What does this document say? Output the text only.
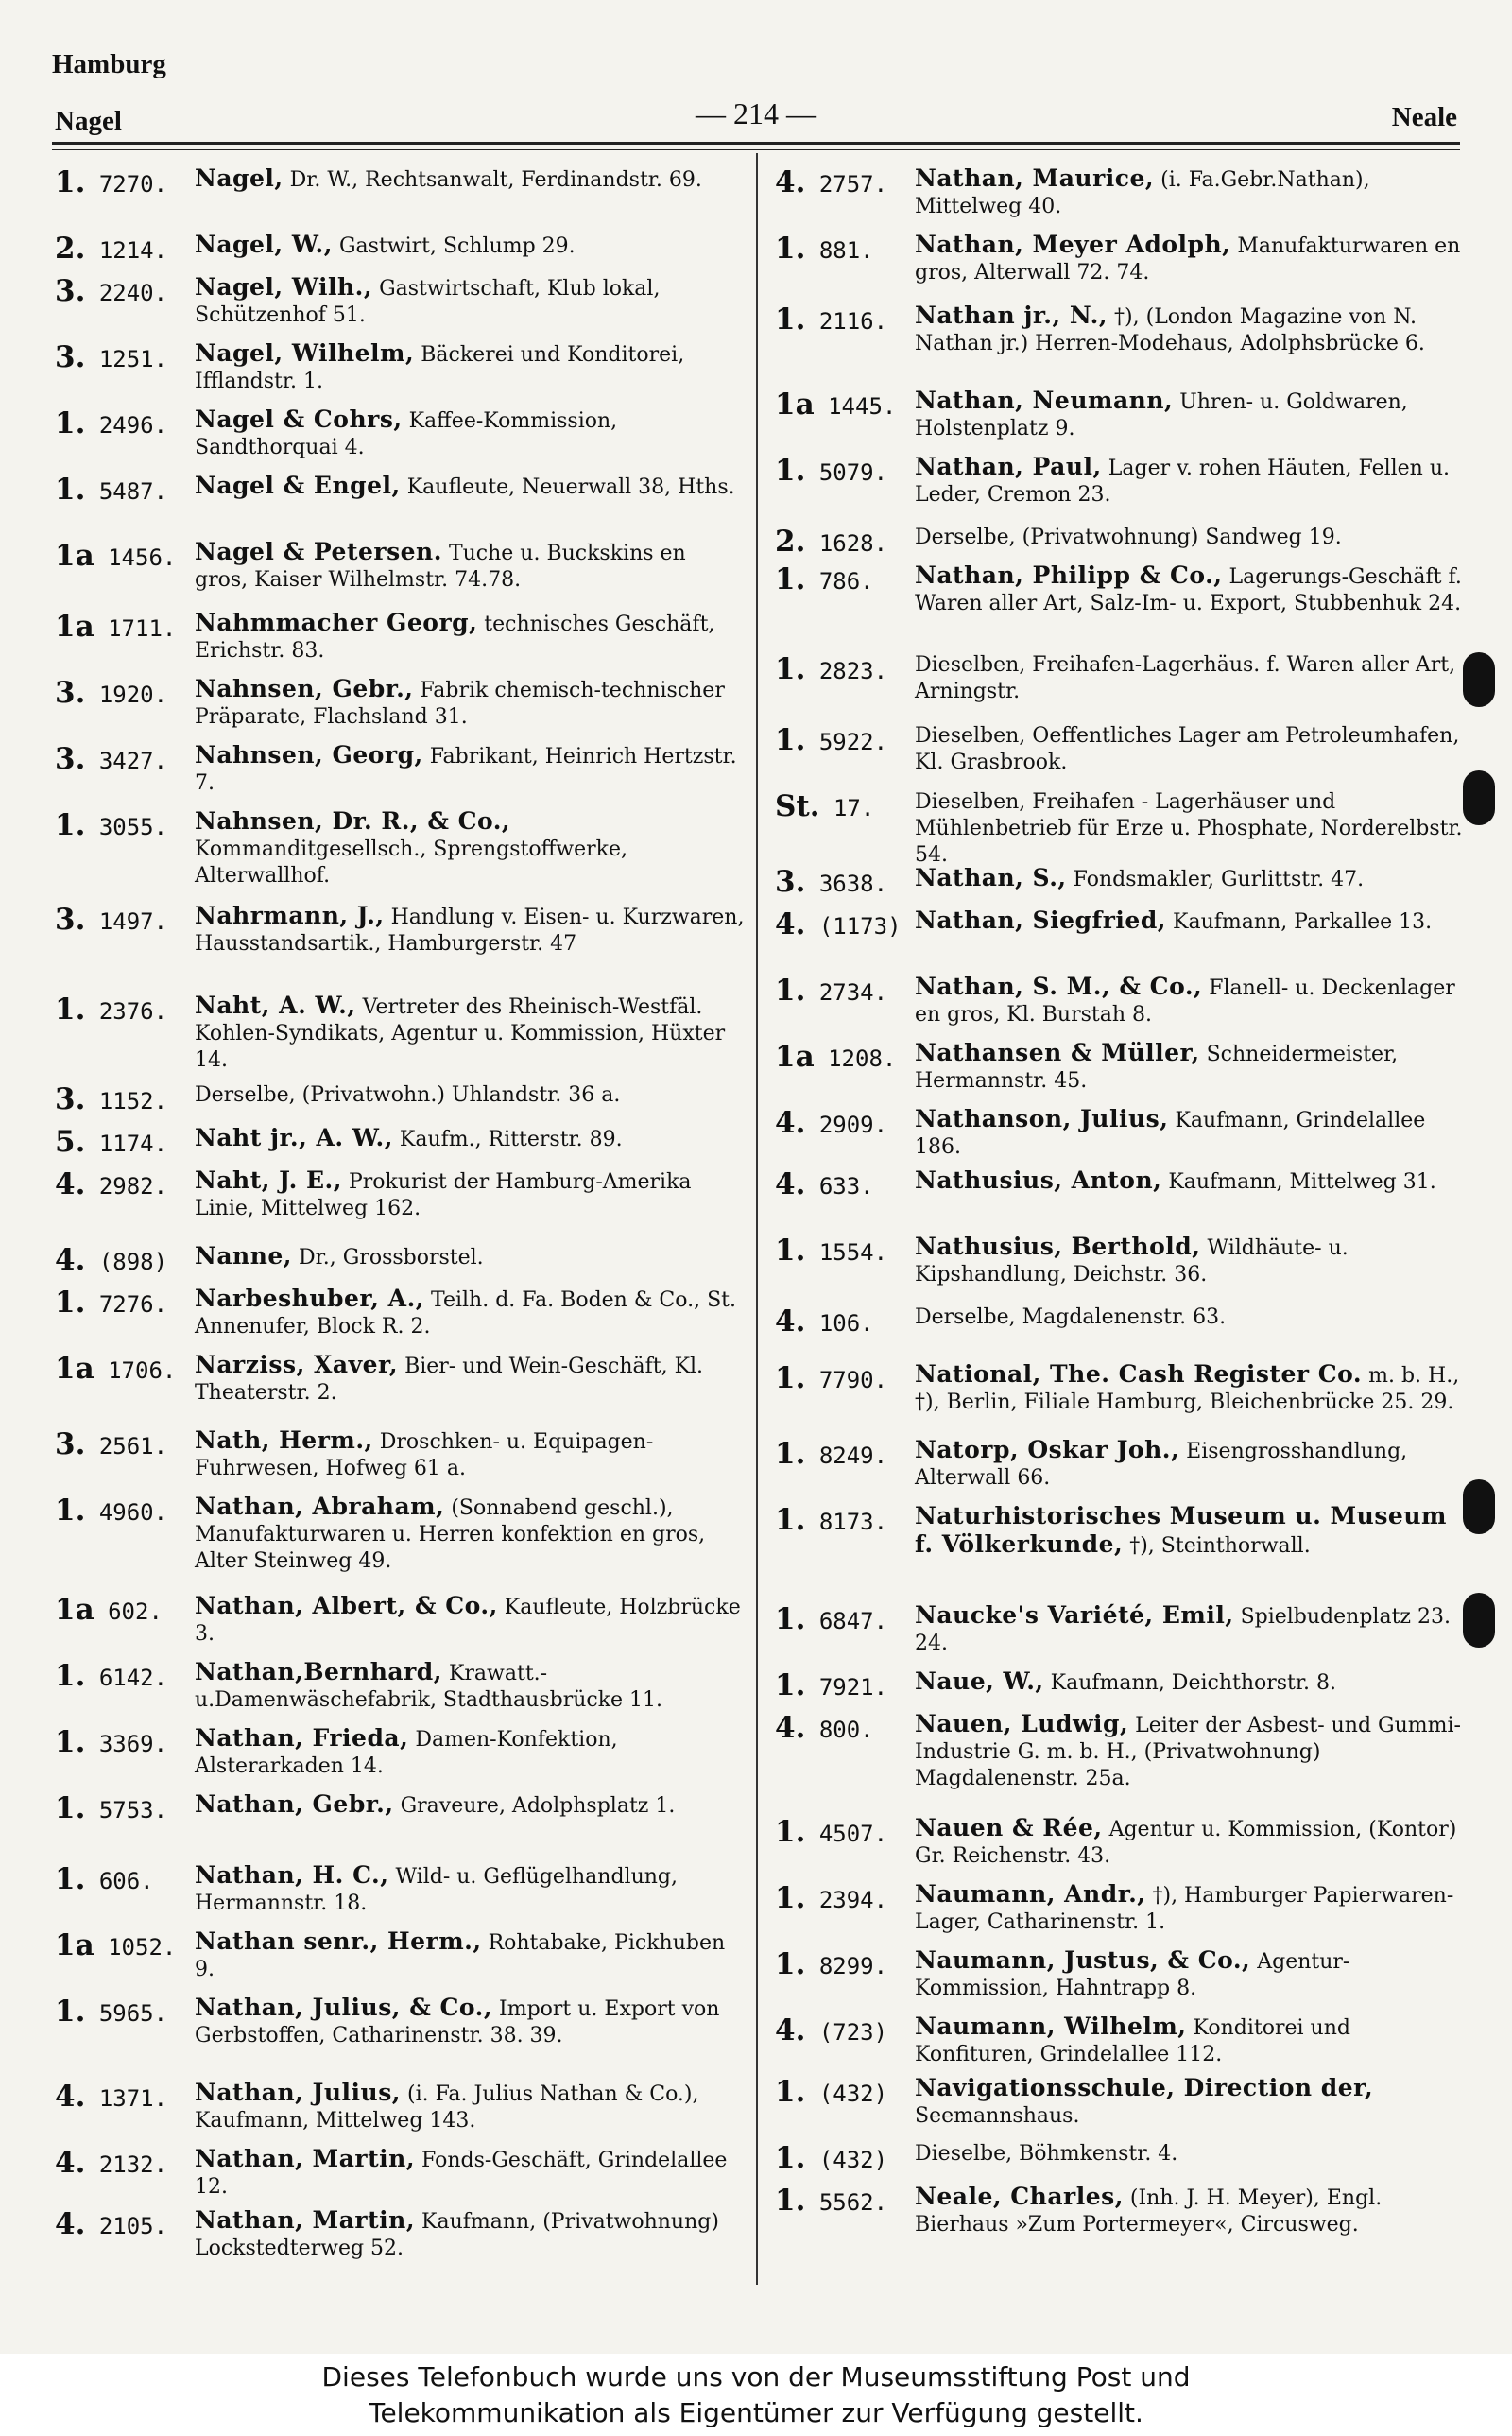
Hamburg
Nagel	— 214 —	Neale
1. 7270.	Nagel, Dr. W., Rechtsanwalt, Ferdinandstr. 69.
2. 1214.	Nagel, W., Gastwirt, Schlump 29.
3. 2240.	Nagel, Wilh., Gastwirtschaft, Klub lokal, Schützenhof 51.
3. 1251.	Nagel, Wilhelm, Bäckerei und Konditorei, Ifflandstr. 1.
1. 2496.	Nagel & Cohrs, Kaffee-Kommission, Sandthorquai 4.
1. 5487.	Nagel & Engel, Kaufleute, Neuerwall 38, Hths.
1a 1456. Nagel & Petersen. Tuche u. Buckskins en gros, Kaiser Wilhelmstr. 74.78.
1a 1711. Nahmmacher Georg, technisches Geschäft, Erichstr. 83.
3. 1920.	Nahnsen, Gebr., Fabrik chemisch-technischer Präparate, Flachsland 31.
3. 3427.	Nahnsen, Georg, Fabrikant, Heinrich Hertzstr. 7.
1. 3055.	Nahnsen, Dr. R., & Co., Kommanditgesellsch., Sprengstoffwerke, Alterwallhof.
3. 1497.	Nahrmann, J., Handlung v. Eisen- u. Kurzwaren, Hausstandsartik., Hamburgerstr. 47
1. 2376.	Naht, A. W., Vertreter des Rheinisch-Westfäl. Kohlen-Syndikats, Agentur u. Kommission, Hüxter 14.
3. 1152.	Derselbe, (Privatwohn.) Uhlandstr. 36 a.
5. 1174.	Naht jr., A. W., Kaufm., Ritterstr. 89.
4. 2982.	Naht, J. E., Prokurist der Hamburg-Amerika Linie, Mittelweg 162.
4. (898)	Nanne, Dr., Grossborstel.
1. 7276.	Narbeshuber, A., Teilh. d. Fa. Boden & Co., St. Annenufer, Block R. 2.
1a 1706. Narziss, Xaver, Bier- und Wein-Geschäft, Kl. Theaterstr. 2.
3. 2561.	Nath, Herm., Droschken- u. Equipagen-Fuhrwesen, Hofweg 61 a.
1. 4960.	Nathan, Abraham, (Sonnabend geschl.), Manufakturwaren u. Herren konfektion en gros, Alter Steinweg 49.
1a 602.	Nathan, Albert, & Co., Kaufleute, Holzbrücke 3.
1. 6142.	Nathan,Bernhard, Krawatt.-u.Damenwäschefabrik, Stadthausbrücke 11.
1. 3369.	Nathan, Frieda, Damen-Konfektion, Alsterarkaden 14.
1. 5753.	Nathan, Gebr., Graveure, Adolphsplatz 1.
1. 606.	Nathan, H. C., Wild- u. Geflügelhandlung, Hermannstr. 18.
1a 1052. Nathan senr., Herm., Rohtabake, Pickhuben 9.
1. 5965.	Nathan, Julius, & Co., Import u. Export von Gerbstoffen, Catharinenstr. 38. 39.
4. 1371.	Nathan, Julius, (i. Fa. Julius Nathan & Co.), Kaufmann, Mittelweg 143.
4. 2132.	Nathan, Martin, Fonds-Geschäft, Grindelallee 12.
4. 2105.	Nathan, Martin, Kaufmann, (Privatwohnung) Lockstedterweg 52.
4. 2757.	Nathan, Maurice, (i. Fa.Gebr.Nathan), Mittelweg 40.
1. 881.	Nathan, Meyer Adolph, Manufakturwaren en gros, Alterwall 72. 74.
1. 2116.	Nathan jr., N., †), (London Magazine von N. Nathan jr.) Herren-Modehaus, Adolphsbrücke 6.
1a 1445. Nathan, Neumann, Uhren- u. Goldwaren, Holstenplatz 9.
1. 5079.	Nathan, Paul, Lager v. rohen Häuten, Fellen u. Leder, Cremon 23.
2. 1628.	Derselbe, (Privatwohnung) Sandweg 19.
1. 786.	Nathan, Philipp & Co., Lagerungs-Geschäft f. Waren aller Art, Salz-Im- u. Export, Stubbenhuk 24.
1. 2823.	Dieselben, Freihafen-Lagerhäus. f. Waren aller Art, Arningstr.
1. 5922.	Dieselben, Oeffentliches Lager am Petroleumhafen, Kl. Grasbrook.
St. 17.	Dieselben, Freihafen - Lagerhäuser und Mühlenbetrieb für Erze u. Phosphate, Norderelbstr. 54.
3. 3638.	Nathan, S., Fondsmakler, Gurlittstr. 47.
4. (1173) Nathan, Siegfried, Kaufmann, Parkallee 13.
1. 2734.	Nathan, S. M., & Co., Flanell- u. Deckenlager en gros, Kl. Burstah 8.
1a 1208. Nathansen & Müller, Schneidermeister, Hermannstr. 45.
4. 2909.	Nathanson, Julius, Kaufmann, Grindelallee 186.
4. 633.	Nathusius, Anton, Kaufmann, Mittelweg 31.
1. 1554.	Nathusius, Berthold, Wildhäute- u. Kipshandlung, Deichstr. 36.
4. 106.	Derselbe, Magdalenenstr. 63.
1. 7790.	National, The. Cash Register Co. m. b. H., †), Berlin, Filiale Hamburg, Bleichenbrücke 25. 29.
1. 8249.	Natorp, Oskar Joh., Eisengrosshandlung, Alterwall 66.
1. 8173.	Naturhistorisches Museum u. Museum f. Völkerkunde, †), Steinthorwall.
1. 6847.	Naucke's Variété, Emil, Spielbudenplatz 23. 24.
1. 7921.	Naue, W., Kaufmann, Deichthorstr. 8.
4. 800.	Nauen, Ludwig, Leiter der Asbest- und Gummi-Industrie G. m. b. H., (Privatwohnung) Magdalenenstr. 25a.
1. 4507.	Nauen & Rée, Agentur u. Kommission, (Kontor) Gr. Reichenstr. 43.
1. 2394.	Naumann, Andr., †), Hamburger Papierwaren-Lager, Catharinenstr. 1.
1. 8299.	Naumann, Justus, & Co., Agentur-Kommission, Hahntrapp 8.
4. (723)	Naumann, Wilhelm, Konditorei und Konfituren, Grindelallee 112.
1. (432)	Navigationsschule, Direction der, Seemannshaus.
1. (432)	Dieselbe, Böhmkenstr. 4.
1. 5562.	Neale, Charles, (Inh. J. H. Meyer), Engl. Bierhaus »Zum Portermeyer«, Circusweg.
Dieses Telefonbuch wurde uns von der Museumsstiftung Post und
Telekommunikation als Eigentümer zur Verfügung gestellt.
